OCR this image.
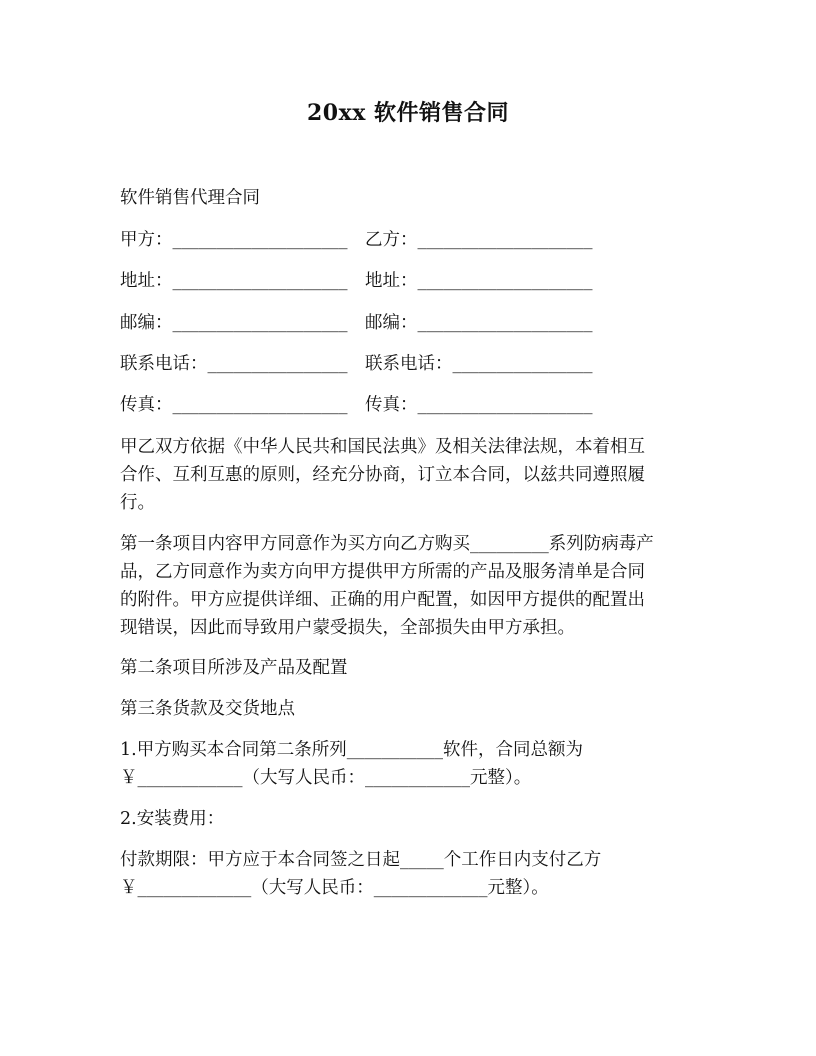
20xx 软件销售合同
软件销售代理合同
甲方：____________________ 乙方：____________________
地址：____________________ 地址：____________________
邮编：____________________ 邮编：____________________
联系电话：________________ 联系电话：________________
传真：____________________ 传真：____________________
甲乙双方依据《中华人民共和国民法典》及相关法律法规，本着相互
合作、互利互惠的原则，经充分协商，订立本合同，以兹共同遵照履
行。
第一条项目内容甲方同意作为买方向乙方购买_________系列防病毒产
品，乙方同意作为卖方向甲方提供甲方所需的产品及服务清单是合同
的附件。甲方应提供详细、正确的用户配置，如因甲方提供的配置出
现错误，因此而导致用户蒙受损失，全部损失由甲方承担。
第二条项目所涉及产品及配置
第三条货款及交货地点
1.甲方购买本合同第二条所列___________软件，合同总额为
￥____________（大写人民币：____________元整）。
2.安装费用：
付款期限：甲方应于本合同签之日起_____个工作日内支付乙方
￥_____________（大写人民币：_____________元整）。
